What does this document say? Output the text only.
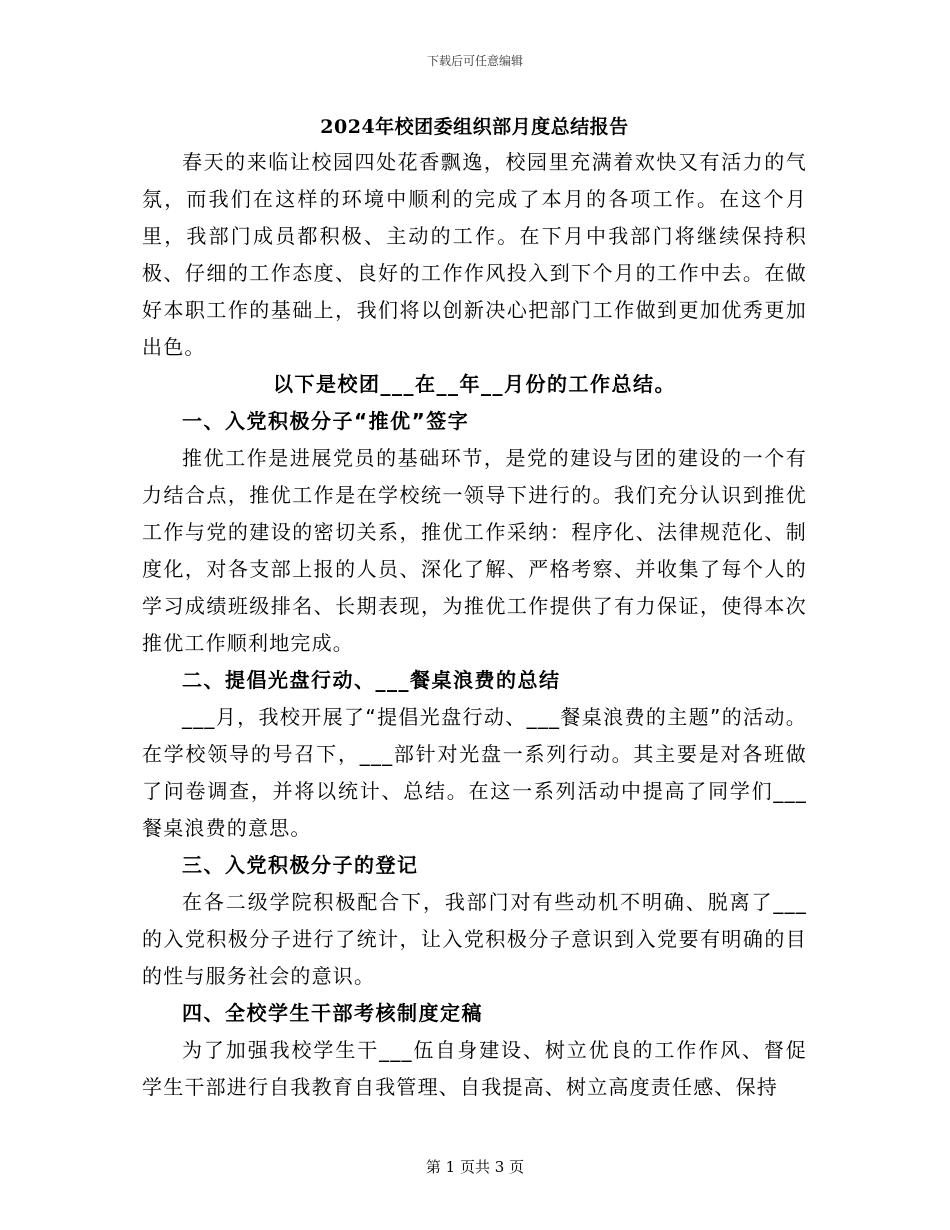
下载后可任意编辑
2024年校团委组织部月度总结报告

春天的来临让校园四处花香飘逸，校园里充满着欢快又有活力的气氛，而我们在这样的环境中顺利的完成了本月的各项工作。在这个月里，我部门成员都积极、主动的工作。在下月中我部门将继续保持积极、仔细的工作态度、良好的工作作风投入到下个月的工作中去。在做好本职工作的基础上，我们将以创新决心把部门工作做到更加优秀更加出色。

以下是校团___在__年__月份的工作总结。

一、入党积极分子“推优”签字

推优工作是进展党员的基础环节，是党的建设与团的建设的一个有力结合点，推优工作是在学校统一领导下进行的。我们充分认识到推优工作与党的建设的密切关系，推优工作采纳：程序化、法律规范化、制度化，对各支部上报的人员、深化了解、严格考察、并收集了每个人的学习成绩班级排名、长期表现，为推优工作提供了有力保证，使得本次推优工作顺利地完成。

二、提倡光盘行动、___餐桌浪费的总结

___月，我校开展了“提倡光盘行动、___餐桌浪费的主题”的活动。在学校领导的号召下，___部针对光盘一系列行动。其主要是对各班做了问卷调查，并将以统计、总结。在这一系列活动中提高了同学们___餐桌浪费的意思。

三、入党积极分子的登记

在各二级学院积极配合下，我部门对有些动机不明确、脱离了___的入党积极分子进行了统计，让入党积极分子意识到入党要有明确的目的性与服务社会的意识。

四、全校学生干部考核制度定稿

为了加强我校学生干___伍自身建设、树立优良的工作作风、督促学生干部进行自我教育自我管理、自我提高、树立高度责任感、保持

第 1 页共 3 页
